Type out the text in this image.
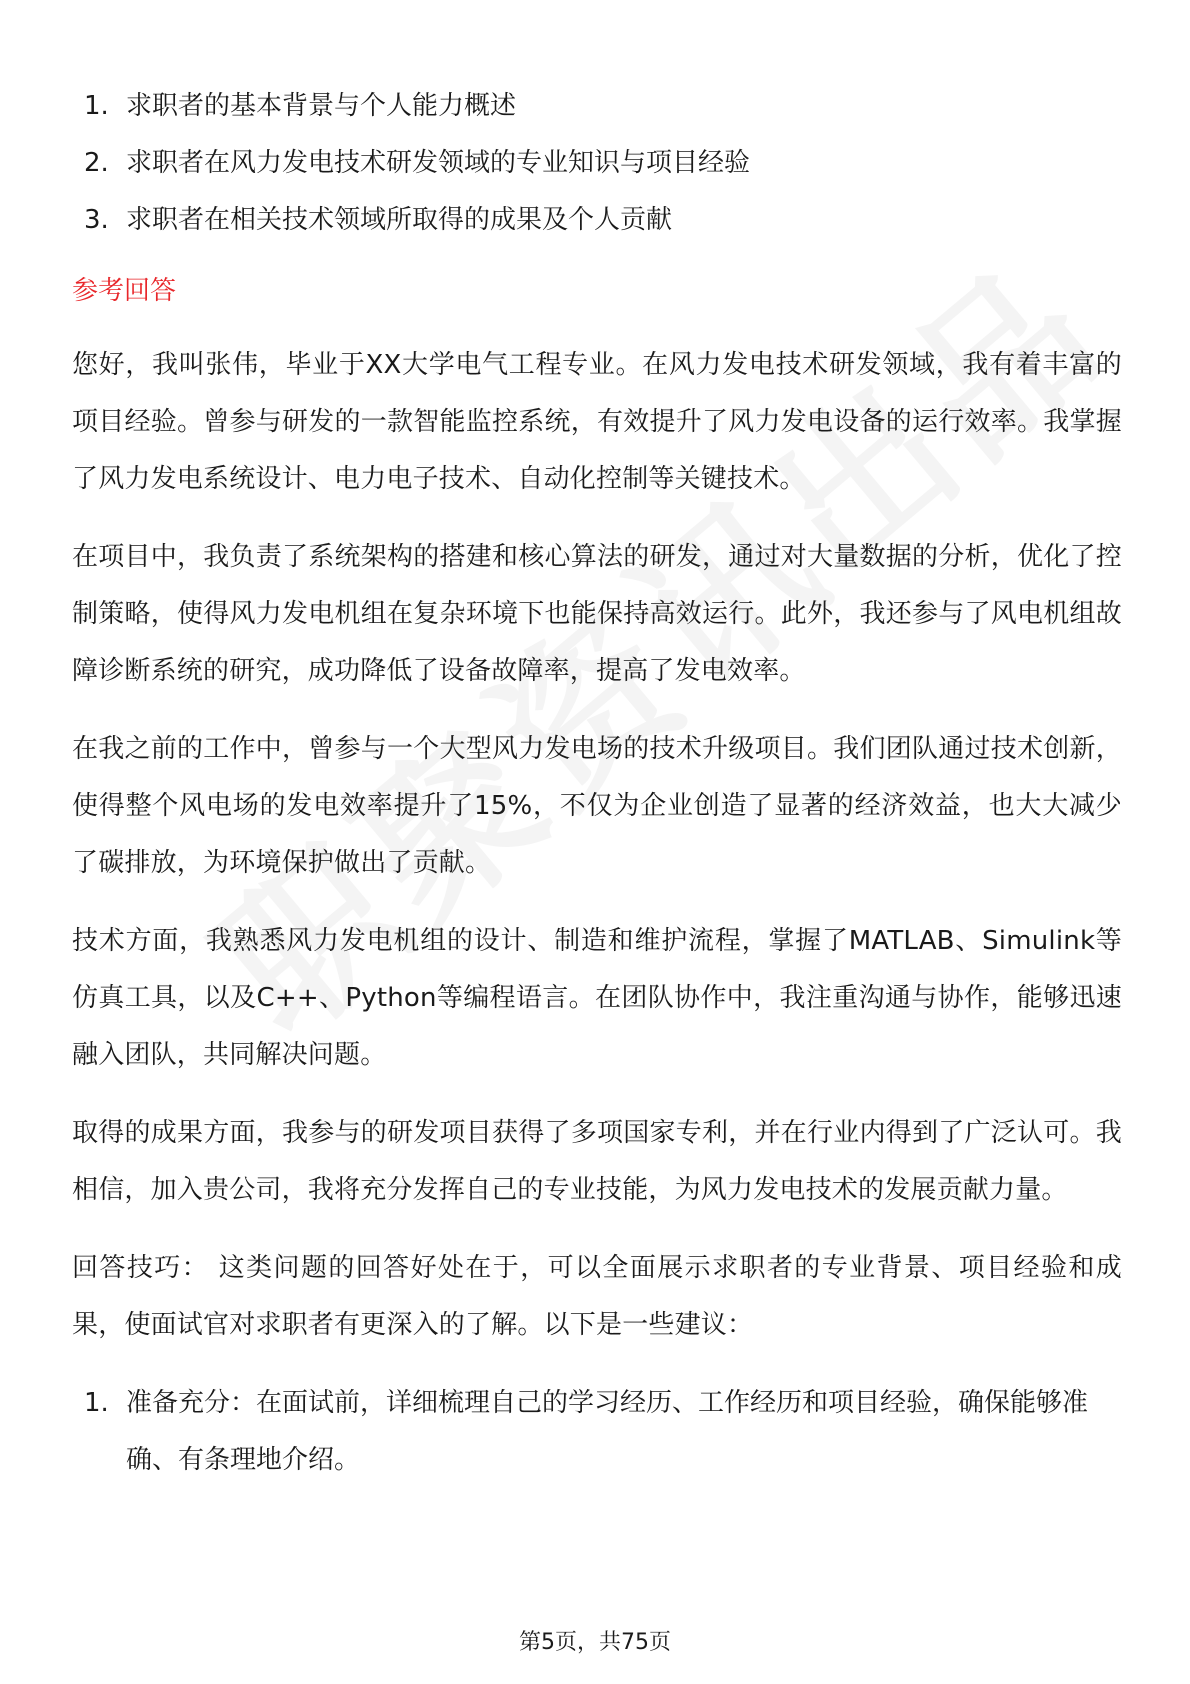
1. 求职者的基本背景与个人能力概述
2. 求职者在风力发电技术研发领域的专业知识与项目经验
3. 求职者在相关技术领域所取得的成果及个人贡献
参考回答

您好，我叫张伟，毕业于XX大学电气工程专业。在风力发电技术研发领域，我有着丰富的项目经验。曾参与研发的一款智能监控系统，有效提升了风力发电设备的运行效率。我掌握了风力发电系统设计、电力电子技术、自动化控制等关键技术。

在项目中，我负责了系统架构的搭建和核心算法的研发，通过对大量数据的分析，优化了控制策略，使得风力发电机组在复杂环境下也能保持高效运行。此外，我还参与了风电机组故障诊断系统的研究，成功降低了设备故障率，提高了发电效率。

在我之前的工作中，曾参与一个大型风力发电场的技术升级项目。我们团队通过技术创新，使得整个风电场的发电效率提升了15%，不仅为企业创造了显著的经济效益，也大大减少了碳排放，为环境保护做出了贡献。

技术方面，我熟悉风力发电机组的设计、制造和维护流程，掌握了MATLAB、Simulink等仿真工具，以及C++、Python等编程语言。在团队协作中，我注重沟通与协作，能够迅速融入团队，共同解决问题。

取得的成果方面，我参与的研发项目获得了多项国家专利，并在行业内得到了广泛认可。我相信，加入贵公司，我将充分发挥自己的专业技能，为风力发电技术的发展贡献力量。

回答技巧： 这类问题的回答好处在于，可以全面展示求职者的专业背景、项目经验和成果，使面试官对求职者有更深入的了解。以下是一些建议：

1. 准备充分：在面试前，详细梳理自己的学习经历、工作经历和项目经验，确保能够准确、有条理地介绍。
第5页，共75页
